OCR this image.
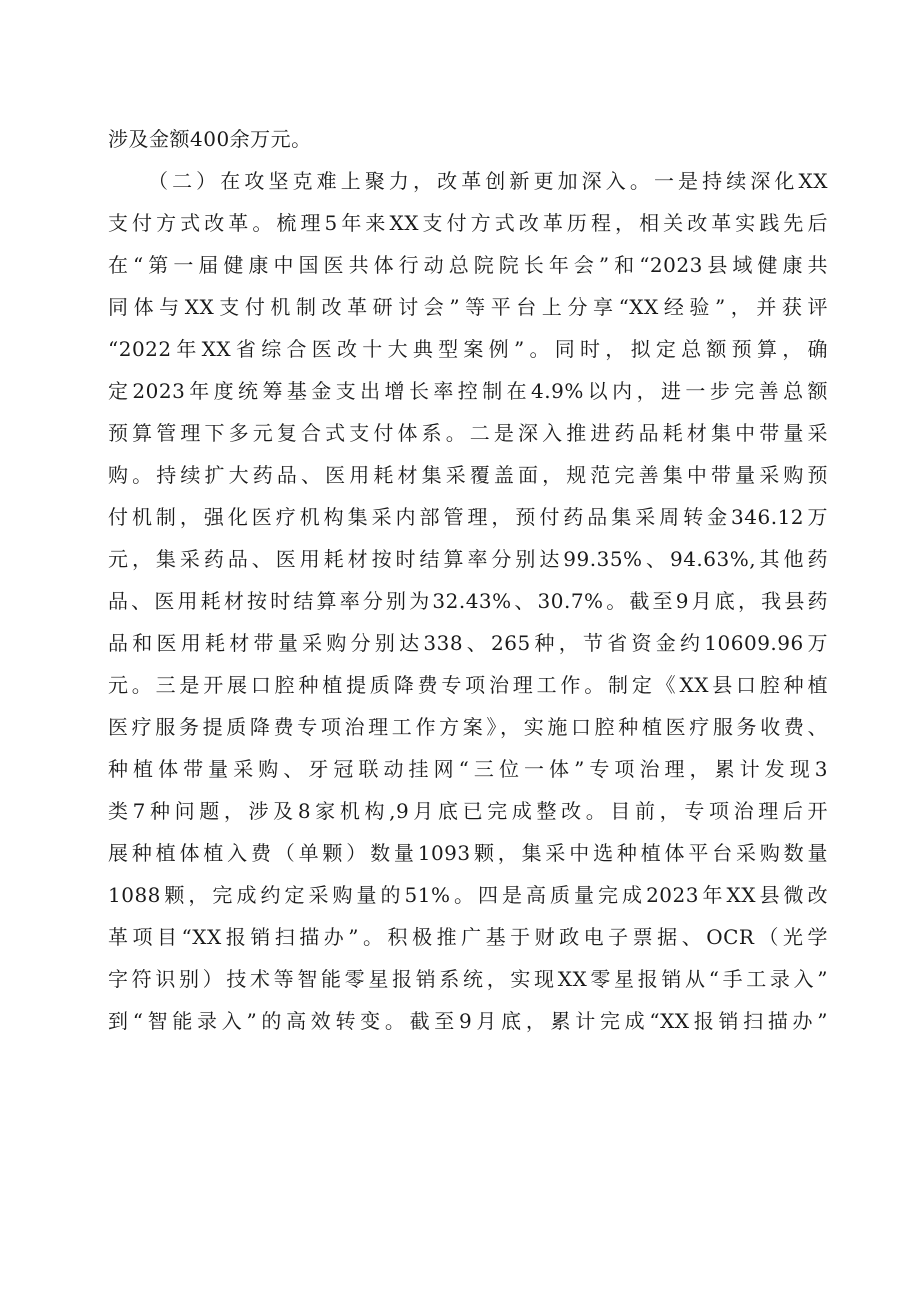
涉及金额400余万元。
（二）在攻坚克难上聚力，改革创新更加深入。一是持续深化XX
支付方式改革。梳理5年来XX支付方式改革历程，相关改革实践先后
在“第一届健康中国医共体行动总院院长年会”和“2023县域健康共
同体与XX支付机制改革研讨会”等平台上分享“XX经验”，并获评
“2022年XX省综合医改十大典型案例”。同时，拟定总额预算，确
定2023年度统筹基金支出增长率控制在4.9%以内，进一步完善总额
预算管理下多元复合式支付体系。二是深入推进药品耗材集中带量采
购。持续扩大药品、医用耗材集采覆盖面，规范完善集中带量采购预
付机制，强化医疗机构集采内部管理，预付药品集采周转金346.12万
元，集采药品、医用耗材按时结算率分别达99.35%、94.63%,其他药
品、医用耗材按时结算率分别为32.43%、30.7%。截至9月底，我县药
品和医用耗材带量采购分别达338、265种，节省资金约10609.96万
元。三是开展口腔种植提质降费专项治理工作。制定《XX县口腔种植
医疗服务提质降费专项治理工作方案》，实施口腔种植医疗服务收费、
种植体带量采购、牙冠联动挂网“三位一体”专项治理，累计发现3
类7种问题，涉及8家机构,9月底已完成整改。目前，专项治理后开
展种植体植入费（单颗）数量1093颗，集采中选种植体平台采购数量
1088颗，完成约定采购量的51%。四是高质量完成2023年XX县微改
革项目“XX报销扫描办”。积极推广基于财政电子票据、OCR（光学
字符识别）技术等智能零星报销系统，实现XX零星报销从“手工录入”
到“智能录入”的高效转变。截至9月底，累计完成“XX报销扫描办”
